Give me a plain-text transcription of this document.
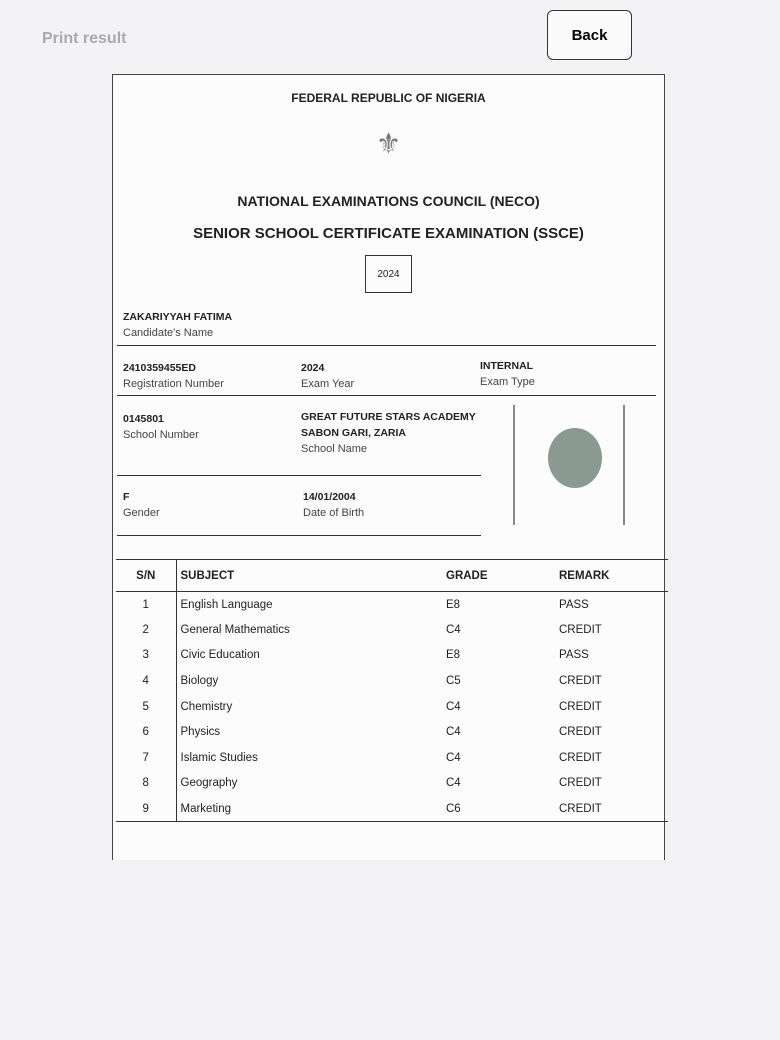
Print result	Back
FEDERAL REPUBLIC OF NIGERIA
⚜
NATIONAL EXAMINATIONS COUNCIL (NECO)
SENIOR SCHOOL CERTIFICATE EXAMINATION (SSCE)
2024
ZAKARIYYAH FATIMA
Candidate's Name
2410359455ED
Registration Number
2024
Exam Year
INTERNAL
Exam Type
0145801
School Number
GREAT FUTURE STARS ACADEMY
SABON GARI, ZARIA
School Name
F
Gender
14/01/2004
Date of Birth
S/N	SUBJECT	GRADE	REMARK
1	English Language	E8	PASS
2	General Mathematics	C4	CREDIT
3	Civic Education	E8	PASS
4	Biology	C5	CREDIT
5	Chemistry	C4	CREDIT
6	Physics	C4	CREDIT
7	Islamic Studies	C4	CREDIT
8	Geography	C4	CREDIT
9	Marketing	C6	CREDIT
